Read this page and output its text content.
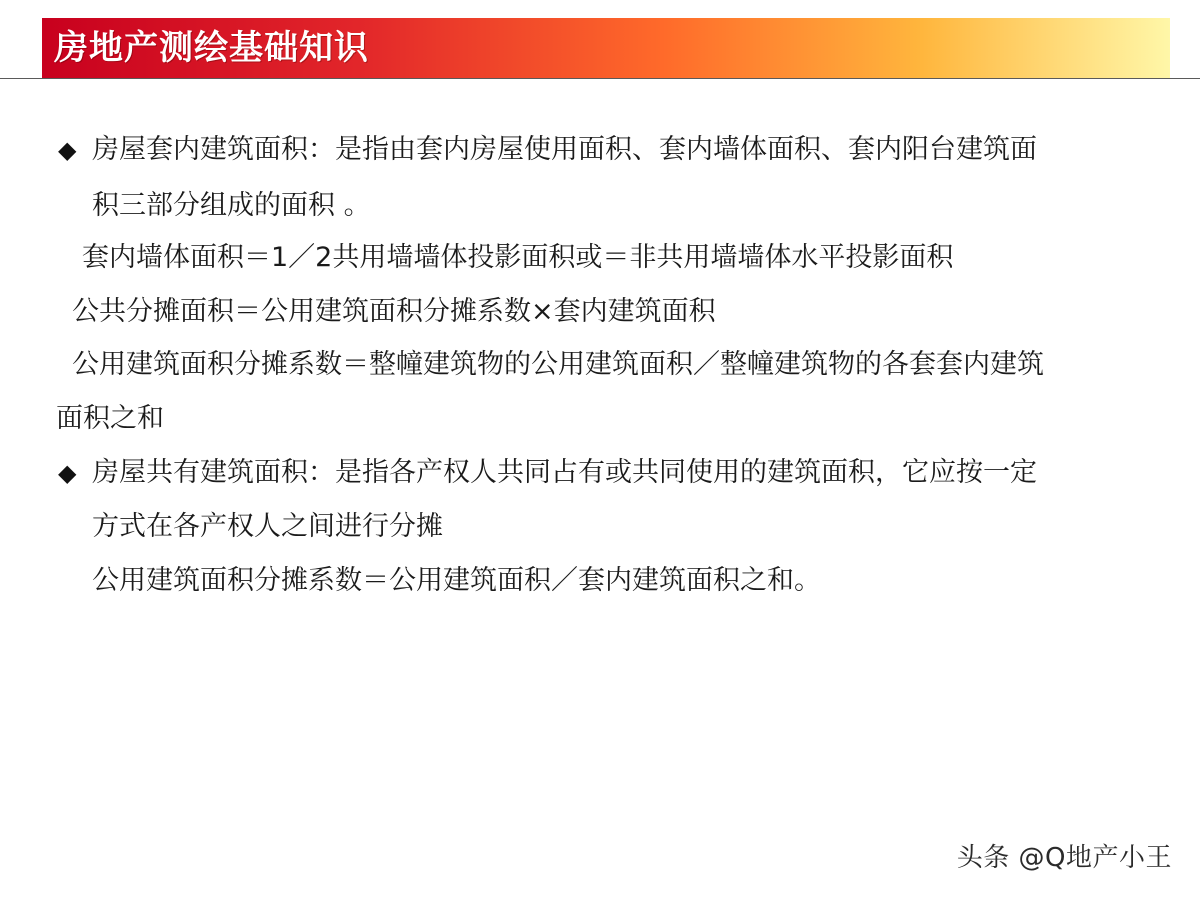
房地产测绘基础知识
◆ 房屋套内建筑面积：是指由套内房屋使用面积、套内墙体面积、套内阳台建筑面
积三部分组成的面积 。
套内墙体面积＝1／2共用墙墙体投影面积或＝非共用墙墙体水平投影面积
公共分摊面积＝公用建筑面积分摊系数×套内建筑面积
公用建筑面积分摊系数＝整幢建筑物的公用建筑面积／整幢建筑物的各套套内建筑
面积之和
◆ 房屋共有建筑面积：是指各产权人共同占有或共同使用的建筑面积，它应按一定
方式在各产权人之间进行分摊
公用建筑面积分摊系数＝公用建筑面积／套内建筑面积之和。
头条 @Q地产小王
